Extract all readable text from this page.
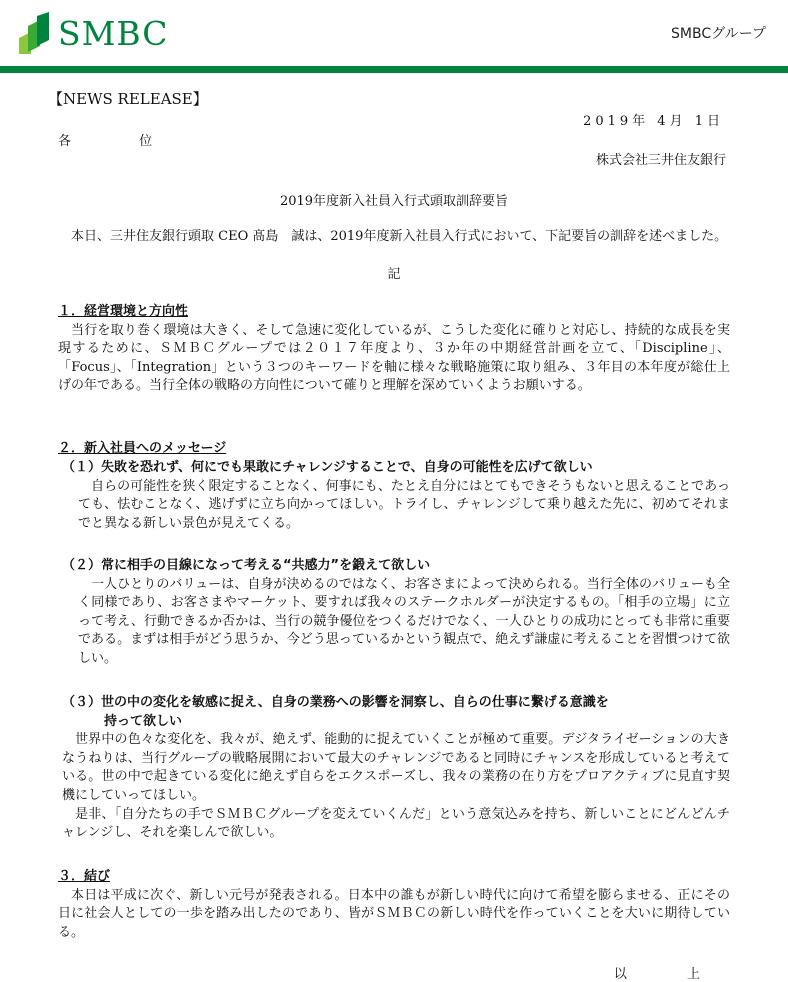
SMBC	SMBCグループ
【NEWS RELEASE】
2019年 4月 1日
各 位
株式会社三井住友銀行
2019年度新入社員入行式頭取訓辞要旨

本日、三井住友銀行頭取 CEO 髙島　誠は、2019年度新入社員入行式において、下記要旨の訓辞を述べました。

記
１．経営環境と方向性

当行を取り巻く環境は大きく、そして急速に変化しているが、こうした変化に確りと対応し、持続的な成長を実現するために、ＳＭＢＣグループでは２０１７年度より、３か年の中期経営計画を立て、「Discipline」、「Focus」、「Integration」という３つのキーワードを軸に様々な戦略施策に取り組み、３年目の本年度が総仕上げの年である。当行全体の戦略の方向性について確りと理解を深めていくようお願いする。

２．新入社員へのメッセージ
（１）失敗を恐れず、何にでも果敢にチャレンジすることで、自身の可能性を広げて欲しい

自らの可能性を狭く限定することなく、何事にも、たとえ自分にはとてもできそうもないと思えることであっても、怯むことなく、逃げずに立ち向かってほしい。トライし、チャレンジして乗り越えた先に、初めてそれまでと異なる新しい景色が見えてくる。

（２）常に相手の目線になって考える“共感力”を鍛えて欲しい

一人ひとりのバリューは、自身が決めるのではなく、お客さまによって決められる。当行全体のバリューも全く同様であり、お客さまやマーケット、要すれば我々のステークホルダーが決定するもの。「相手の立場」に立って考え、行動できるか否かは、当行の競争優位をつくるだけでなく、一人ひとりの成功にとっても非常に重要である。まずは相手がどう思うか、今どう思っているかという観点で、絶えず謙虚に考えることを習慣つけて欲しい。

（３）世の中の変化を敏感に捉え、自身の業務への影響を洞察し、自らの仕事に繋げる意識を
持って欲しい

世界中の色々な変化を、我々が、絶えず、能動的に捉えていくことが極めて重要。デジタライゼーションの大きなうねりは、当行グループの戦略展開において最大のチャレンジであると同時にチャンスを形成していると考えている。世の中で起きている変化に絶えず自らをエクスポーズし、我々の業務の在り方をプロアクティブに見直す契機にしていってほしい。

是非、「自分たちの手でＳＭＢＣグループを変えていくんだ」という意気込みを持ち、新しいことにどんどんチャレンジし、それを楽しんで欲しい。

３．結び

本日は平成に次ぐ、新しい元号が発表される。日本中の誰もが新しい時代に向けて希望を膨らませる、正にその日に社会人としての一歩を踏み出したのであり、皆がＳＭＢＣの新しい時代を作っていくことを大いに期待している。

以 上
